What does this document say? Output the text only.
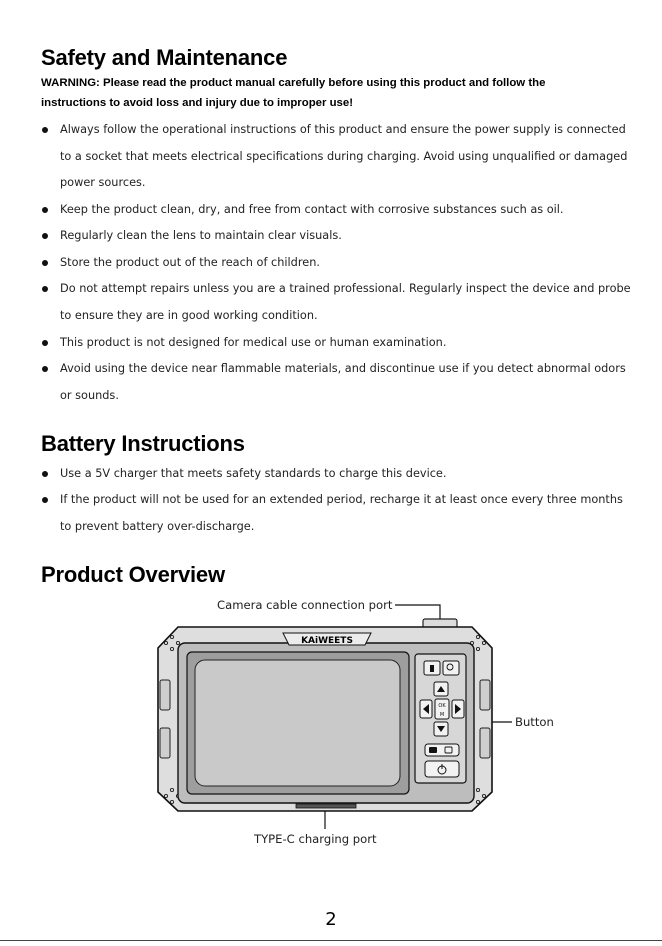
Safety and Maintenance
WARNING: Please read the product manual carefully before using this product and follow the
instructions to avoid loss and injury due to improper use!
Always follow the operational instructions of this product and ensure the power supply is connected
to a socket that meets electrical specifications during charging. Avoid using unqualified or damaged
power sources.
Keep the product clean, dry, and free from contact with corrosive substances such as oil.
Regularly clean the lens to maintain clear visuals.
Store the product out of the reach of children.
Do not attempt repairs unless you are a trained professional. Regularly inspect the device and probe
to ensure they are in good working condition.
This product is not designed for medical use or human examination.
Avoid using the device near flammable materials, and discontinue use if you detect abnormal odors
or sounds.
Battery Instructions
Use a 5V charger that meets safety standards to charge this device.
If the product will not be used for an extended period, recharge it at least once every three months
to prevent battery over-discharge.
Product Overview
Camera cable connection port
Button
TYPE-C charging port
KAiWEETS
OK
M
2
